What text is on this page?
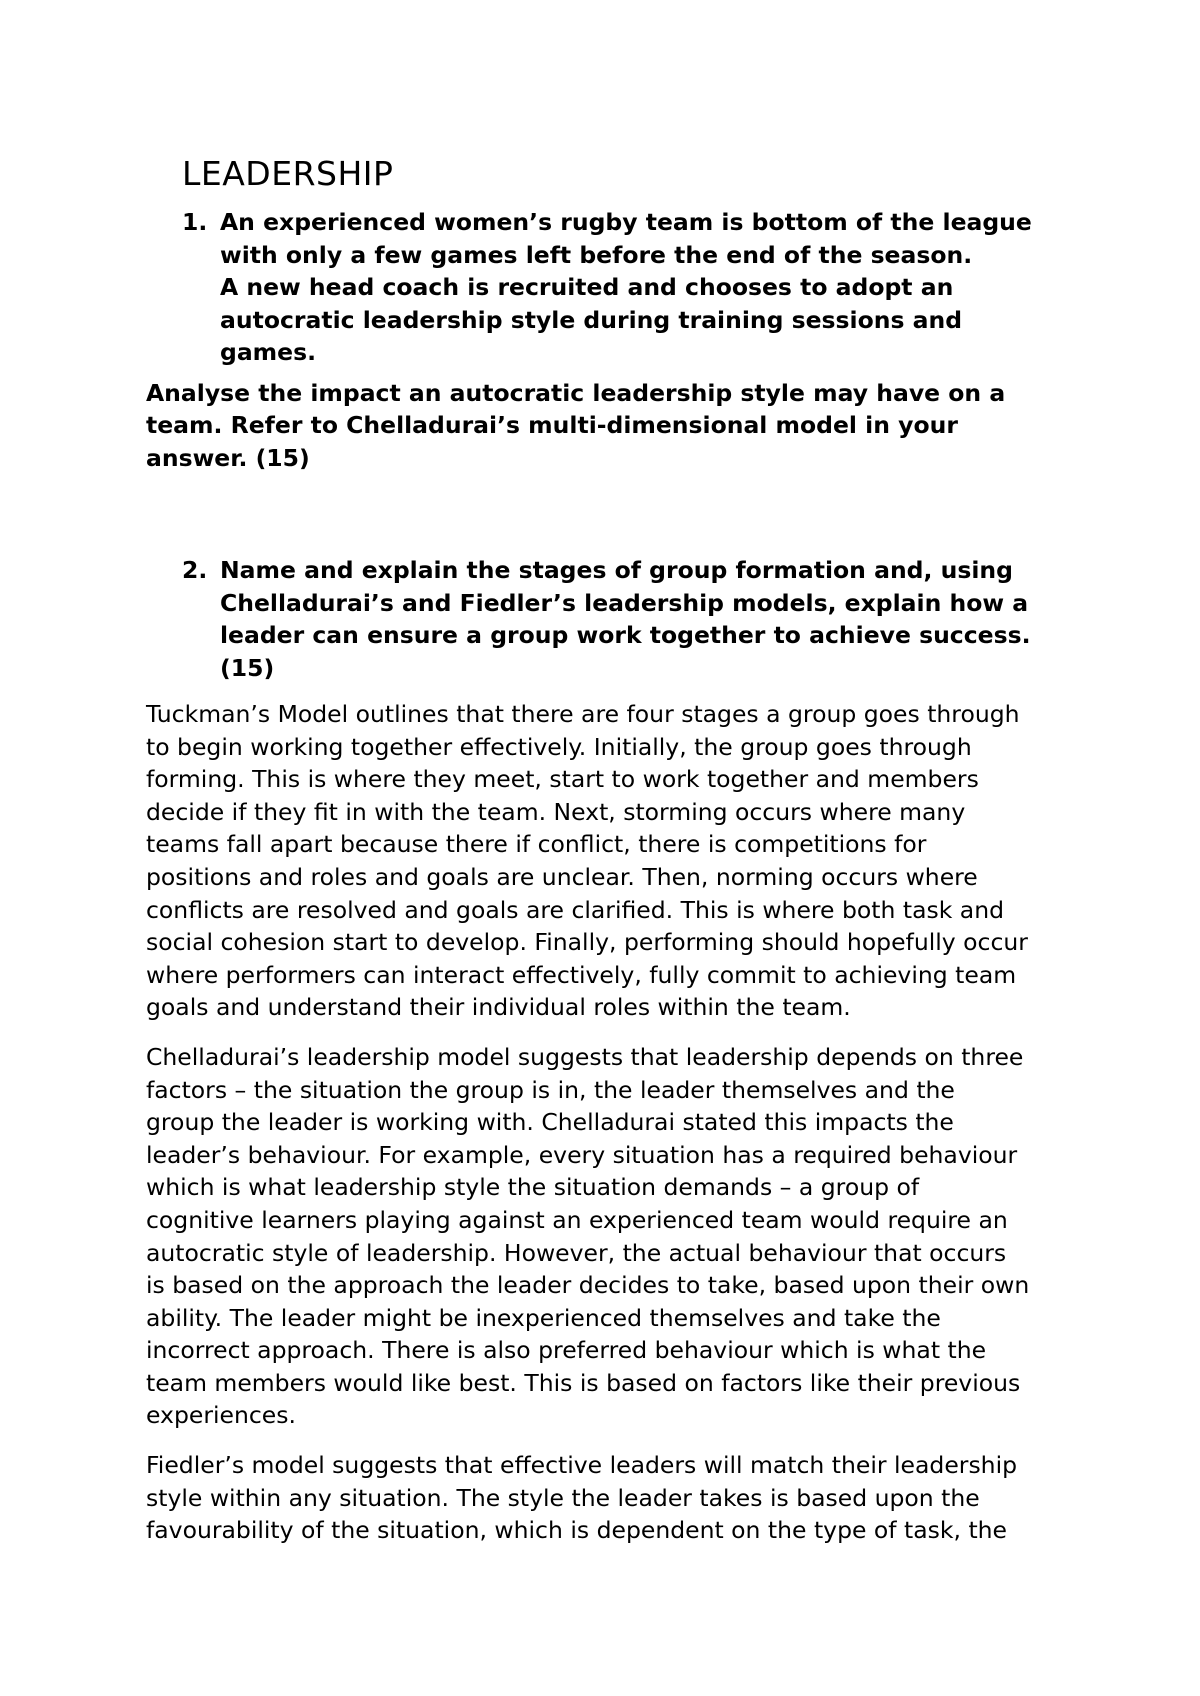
LEADERSHIP
1. An experienced women’s rugby team is bottom of the league
with only a few games left before the end of the season.
A new head coach is recruited and chooses to adopt an
autocratic leadership style during training sessions and
games.

Analyse the impact an autocratic leadership style may have on a
team. Refer to Chelladurai’s multi-dimensional model in your
answer. (15)

2. Name and explain the stages of group formation and, using
Chelladurai’s and Fiedler’s leadership models, explain how a
leader can ensure a group work together to achieve success.
(15)

Tuckman’s Model outlines that there are four stages a group goes through
to begin working together effectively. Initially, the group goes through
forming. This is where they meet, start to work together and members
decide if they fit in with the team. Next, storming occurs where many
teams fall apart because there if conflict, there is competitions for
positions and roles and goals are unclear. Then, norming occurs where
conflicts are resolved and goals are clarified. This is where both task and
social cohesion start to develop. Finally, performing should hopefully occur
where performers can interact effectively, fully commit to achieving team
goals and understand their individual roles within the team.

Chelladurai’s leadership model suggests that leadership depends on three
factors – the situation the group is in, the leader themselves and the
group the leader is working with. Chelladurai stated this impacts the
leader’s behaviour. For example, every situation has a required behaviour
which is what leadership style the situation demands – a group of
cognitive learners playing against an experienced team would require an
autocratic style of leadership. However, the actual behaviour that occurs
is based on the approach the leader decides to take, based upon their own
ability. The leader might be inexperienced themselves and take the
incorrect approach. There is also preferred behaviour which is what the
team members would like best. This is based on factors like their previous
experiences.

Fiedler’s model suggests that effective leaders will match their leadership
style within any situation. The style the leader takes is based upon the
favourability of the situation, which is dependent on the type of task, the
